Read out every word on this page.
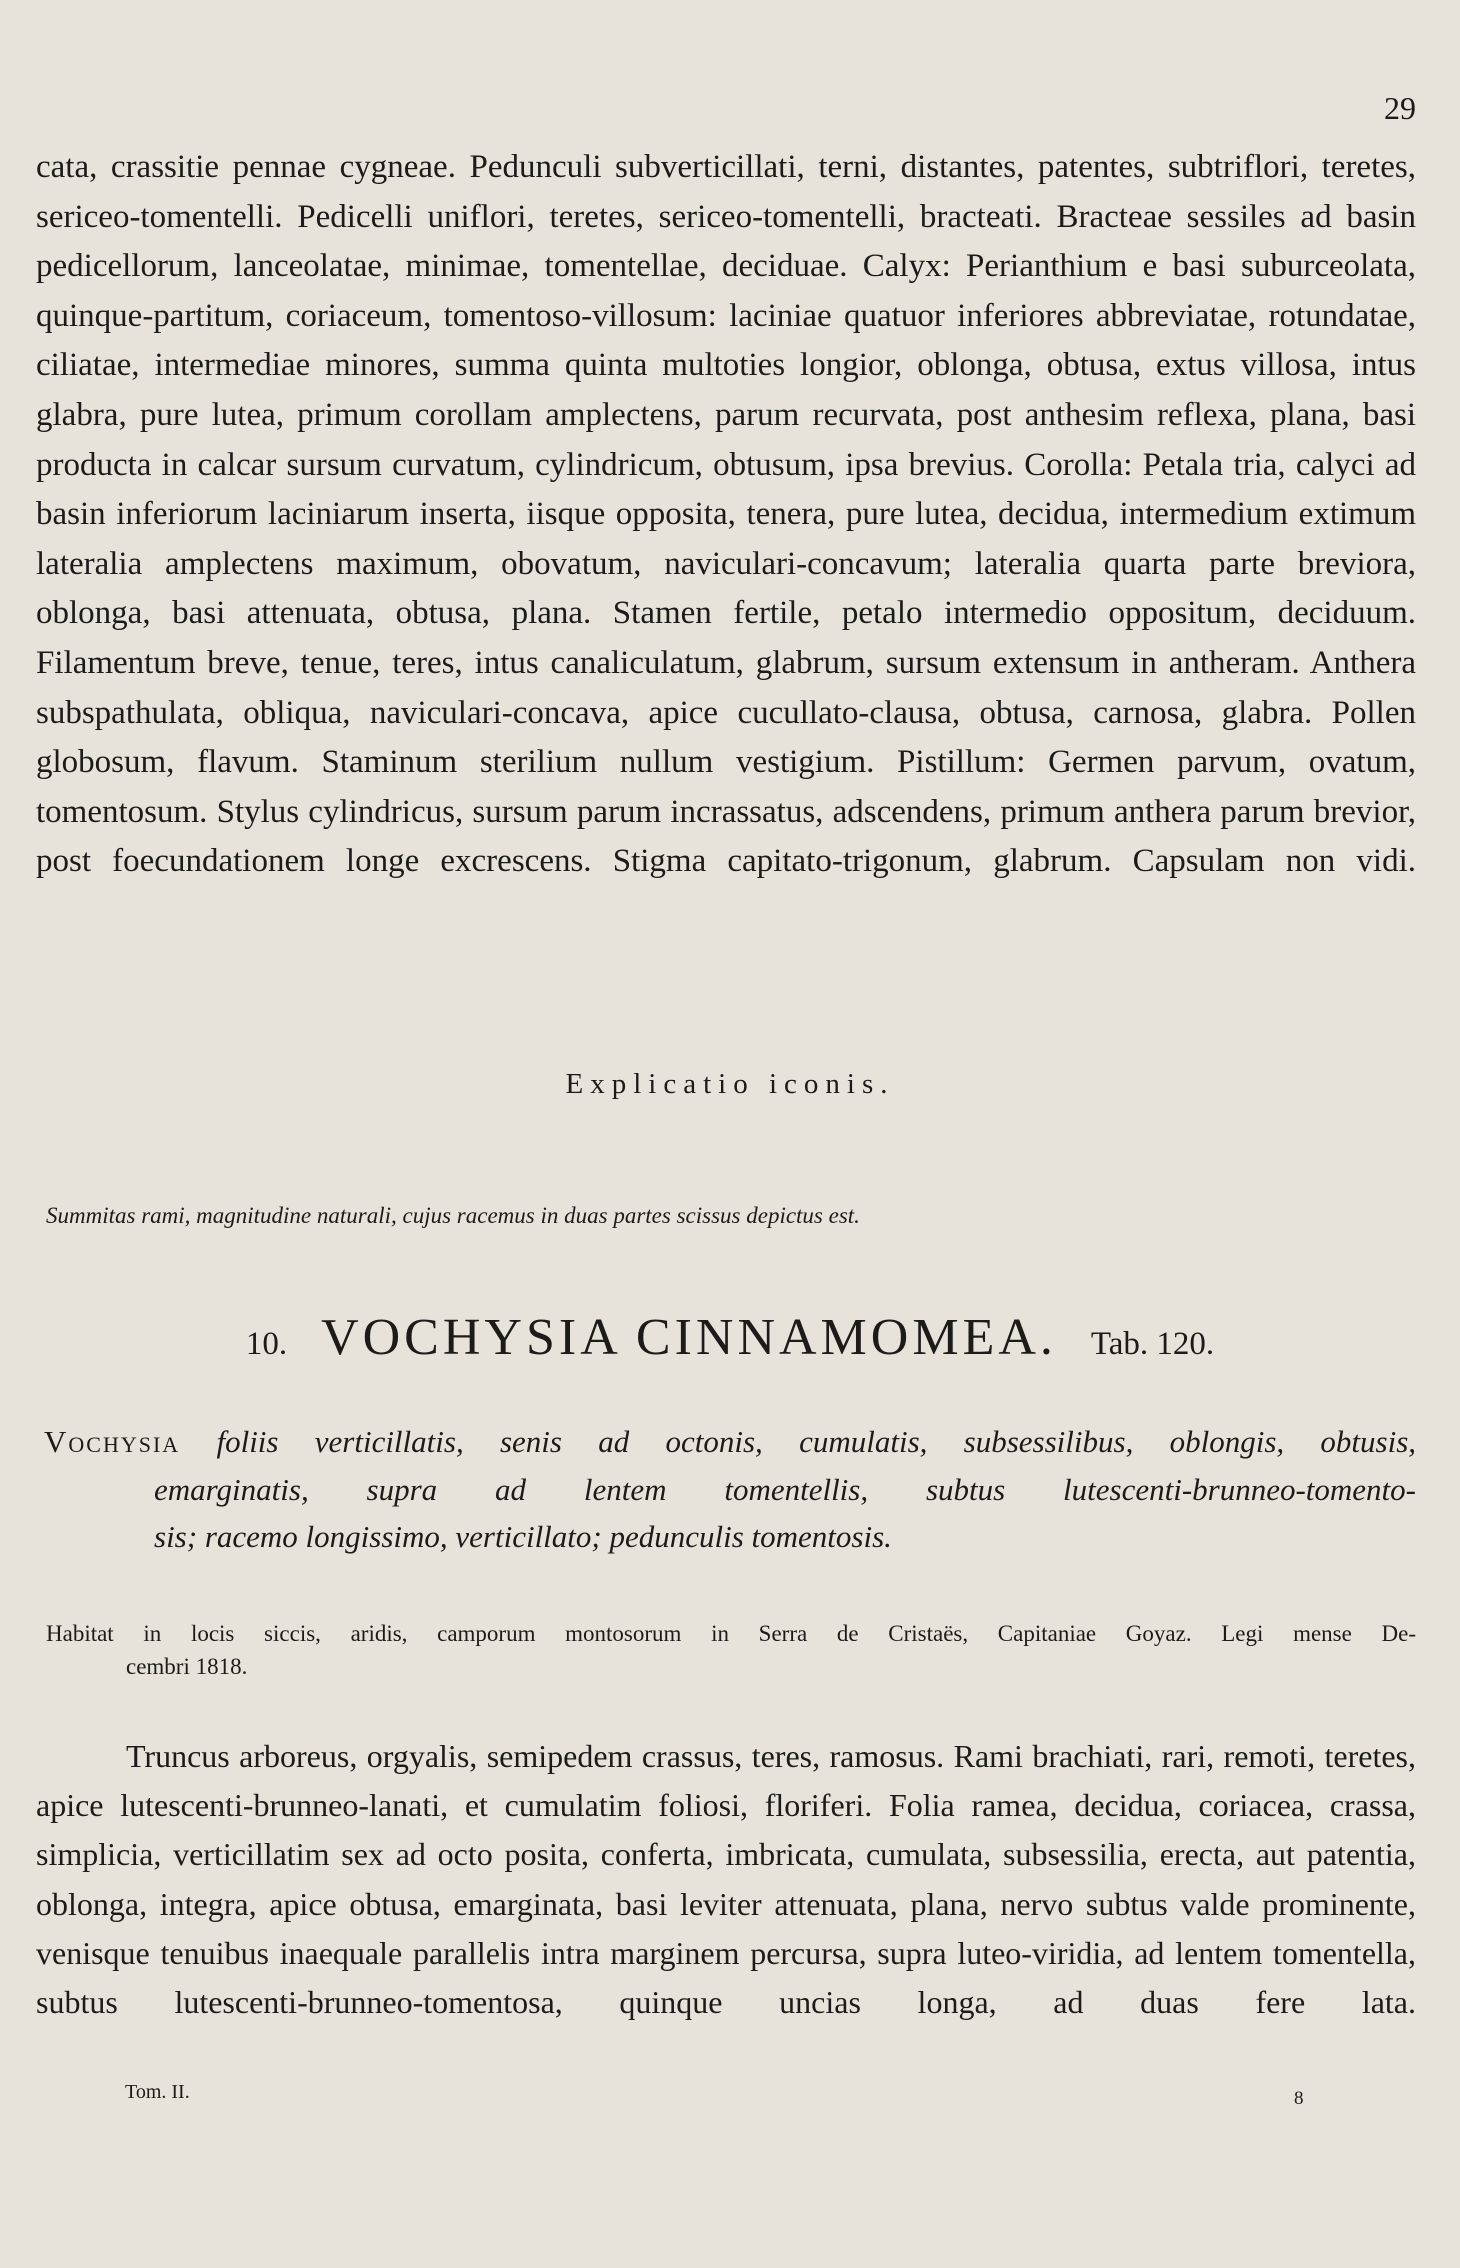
29
cata, crassitie pennae cygneae. Pedunculi subverticillati, terni, distantes, patentes, subtriflori, teretes, sericeo-tomentelli. Pedicelli uniflori, teretes, sericeo-tomentelli, bracteati. Bracteae sessiles ad basin pedicellorum, lanceolatae, minimae, tomentellae, deciduae. Calyx: Perianthium e basi suburceolata, quinque-partitum, coriaceum, tomentoso-villosum: laciniae quatuor inferiores abbreviatae, rotundatae, ciliatae, intermediae minores, summa quinta multoties longior, oblonga, obtusa, extus villosa, intus glabra, pure lutea, primum corollam amplectens, parum recurvata, post anthesim reflexa, plana, basi producta in calcar sursum curvatum, cylindricum, obtusum, ipsa brevius. Corolla: Petala tria, calyci ad basin inferiorum laciniarum inserta, iisque opposita, tenera, pure lutea, decidua, intermedium extimum lateralia amplectens maximum, obovatum, naviculari-concavum; lateralia quarta parte breviora, oblonga, basi attenuata, obtusa, plana. Stamen fertile, petalo intermedio oppositum, deciduum. Filamentum breve, tenue, teres, intus canaliculatum, glabrum, sursum extensum in antheram. Anthera subspathulata, obliqua, naviculari-concava, apice cucullato-clausa, obtusa, carnosa, glabra. Pollen globosum, flavum. Staminum sterilium nullum vestigium. Pistillum: Germen parvum, ovatum, tomentosum. Stylus cylindricus, sursum parum incrassatus, adscendens, primum anthera parum brevior, post foecundationem longe excrescens. Stigma capitato-trigonum, glabrum. Capsulam non vidi.
Explicatio iconis.
Summitas rami, magnitudine naturali, cujus racemus in duas partes scissus depictus est.
10. VOCHYSIA CINNAMOMEA. Tab. 120.
Vochysia foliis verticillatis, senis ad octonis, cumulatis, subsessilibus, oblongis, obtusis,
emarginatis, supra ad lentem tomentellis, subtus lutescenti-brunneo-tomento-
sis; racemo longissimo, verticillato; pedunculis tomentosis.
Habitat in locis siccis, aridis, camporum montosorum in Serra de Cristaës, Capitaniae Goyaz. Legi mense De-
cembri 1818.
Truncus arboreus, orgyalis, semipedem crassus, teres, ramosus. Rami brachiati, rari, remoti, teretes, apice lutescenti-brunneo-lanati, et cumulatim foliosi, floriferi. Folia ramea, decidua, coriacea, crassa, simplicia, verticillatim sex ad octo posita, conferta, imbricata, cumulata, subsessilia, erecta, aut patentia, oblonga, integra, apice obtusa, emarginata, basi leviter attenuata, plana, nervo subtus valde prominente, venisque tenuibus inaequale parallelis intra marginem percursa, supra luteo-viridia, ad lentem tomentella, subtus lutescenti-brunneo-tomentosa, quinque uncias longa, ad duas fere lata.
Tom. II.	8
